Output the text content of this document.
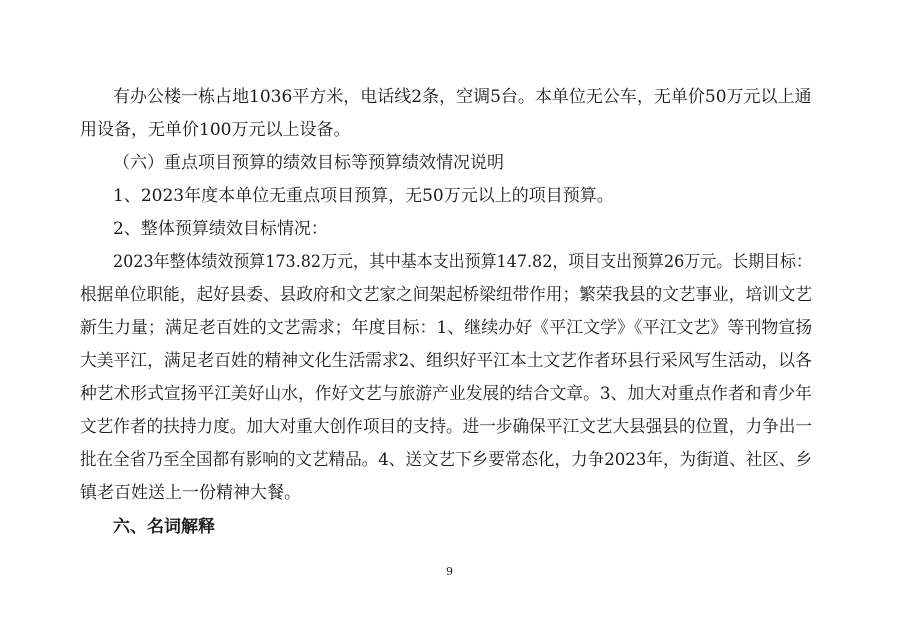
有办公楼一栋占地1036平方米，电话线2条，空调5台。本单位无公车，无单价50万元以上通
用设备，无单价100万元以上设备。
（六）重点项目预算的绩效目标等预算绩效情况说明
1、2023年度本单位无重点项目预算，无50万元以上的项目预算。
2、整体预算绩效目标情况：
2023年整体绩效预算173.82万元，其中基本支出预算147.82，项目支出预算26万元。长期目标：
根据单位职能，起好县委、县政府和文艺家之间架起桥梁纽带作用；繁荣我县的文艺事业，培训文艺
新生力量；满足老百姓的文艺需求；年度目标：1、继续办好《平江文学》《平江文艺》等刊物宣扬
大美平江，满足老百姓的精神文化生活需求2、组织好平江本土文艺作者环县行采风写生活动，以各
种艺术形式宣扬平江美好山水，作好文艺与旅游产业发展的结合文章。3、加大对重点作者和青少年
文艺作者的扶持力度。加大对重大创作项目的支持。进一步确保平江文艺大县强县的位置，力争出一
批在全省乃至全国都有影响的文艺精品。4、送文艺下乡要常态化，力争2023年，为街道、社区、乡
镇老百姓送上一份精神大餐。
六、名词解释
9
